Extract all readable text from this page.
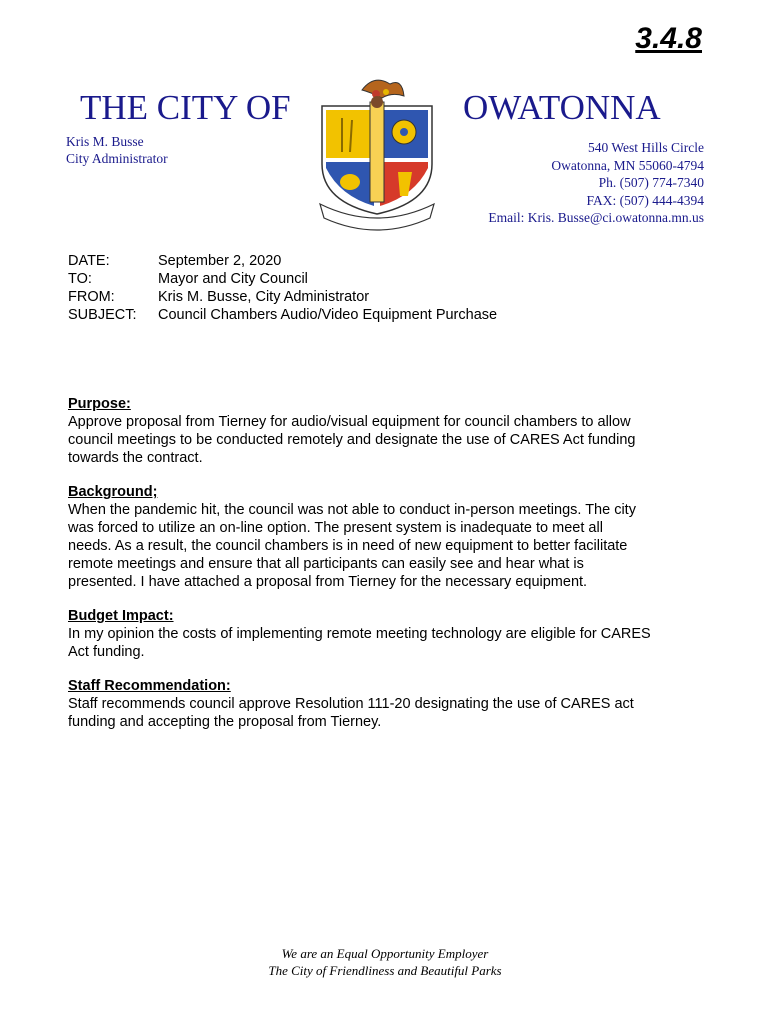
3.4.8
THE CITY OF	OWATONNA
Kris M. Busse
City Administrator
540 West Hills Circle
Owatonna, MN 55060-4794
Ph. (507) 774-7340
FAX: (507) 444-4394
Email: Kris. Busse@ci.owatonna.mn.us
DATE:	September 2, 2020
TO:	Mayor and City Council
FROM:	Kris M. Busse, City Administrator
SUBJECT:	Council Chambers Audio/Video Equipment Purchase
Purpose:
Approve proposal from Tierney for audio/visual equipment for council chambers to allow
council meetings to be conducted remotely and designate the use of CARES Act funding
towards the contract.
Background;
When the pandemic hit, the council was not able to conduct in-person meetings. The city
was forced to utilize an on-line option. The present system is inadequate to meet all
needs. As a result, the council chambers is in need of new equipment to better facilitate
remote meetings and ensure that all participants can easily see and hear what is
presented. I have attached a proposal from Tierney for the necessary equipment.
Budget Impact:
In my opinion the costs of implementing remote meeting technology are eligible for CARES
Act funding.
Staff Recommendation:
Staff recommends council approve Resolution 111-20 designating the use of CARES act
funding and accepting the proposal from Tierney.
We are an Equal Opportunity Employer
The City of Friendliness and Beautiful Parks
